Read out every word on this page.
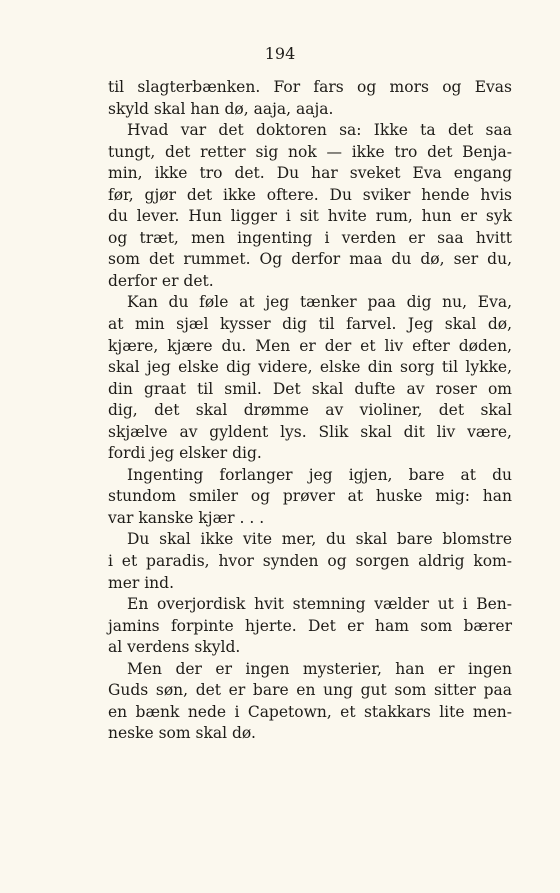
194
til slagterbænken. For fars og mors og Evas
skyld skal han dø, aaja, aaja.
Hvad var det doktoren sa: Ikke ta det saa
tungt, det retter sig nok — ikke tro det Benja-
min, ikke tro det. Du har sveket Eva engang
før, gjør det ikke oftere. Du sviker hende hvis
du lever. Hun ligger i sit hvite rum, hun er syk
og træt, men ingenting i verden er saa hvitt
som det rummet. Og derfor maa du dø, ser du,
derfor er det.
Kan du føle at jeg tænker paa dig nu, Eva,
at min sjæl kysser dig til farvel. Jeg skal dø,
kjære, kjære du. Men er der et liv efter døden,
skal jeg elske dig videre, elske din sorg til lykke,
din graat til smil. Det skal dufte av roser om
dig, det skal drømme av violiner, det skal
skjælve av gyldent lys. Slik skal dit liv være,
fordi jeg elsker dig.
Ingenting forlanger jeg igjen, bare at du
stundom smiler og prøver at huske mig: han
var kanske kjær . . .
Du skal ikke vite mer, du skal bare blomstre
i et paradis, hvor synden og sorgen aldrig kom-
mer ind.
En overjordisk hvit stemning vælder ut i Ben-
jamins forpinte hjerte. Det er ham som bærer
al verdens skyld.
Men der er ingen mysterier, han er ingen
Guds søn, det er bare en ung gut som sitter paa
en bænk nede i Capetown, et stakkars lite men-
neske som skal dø.
